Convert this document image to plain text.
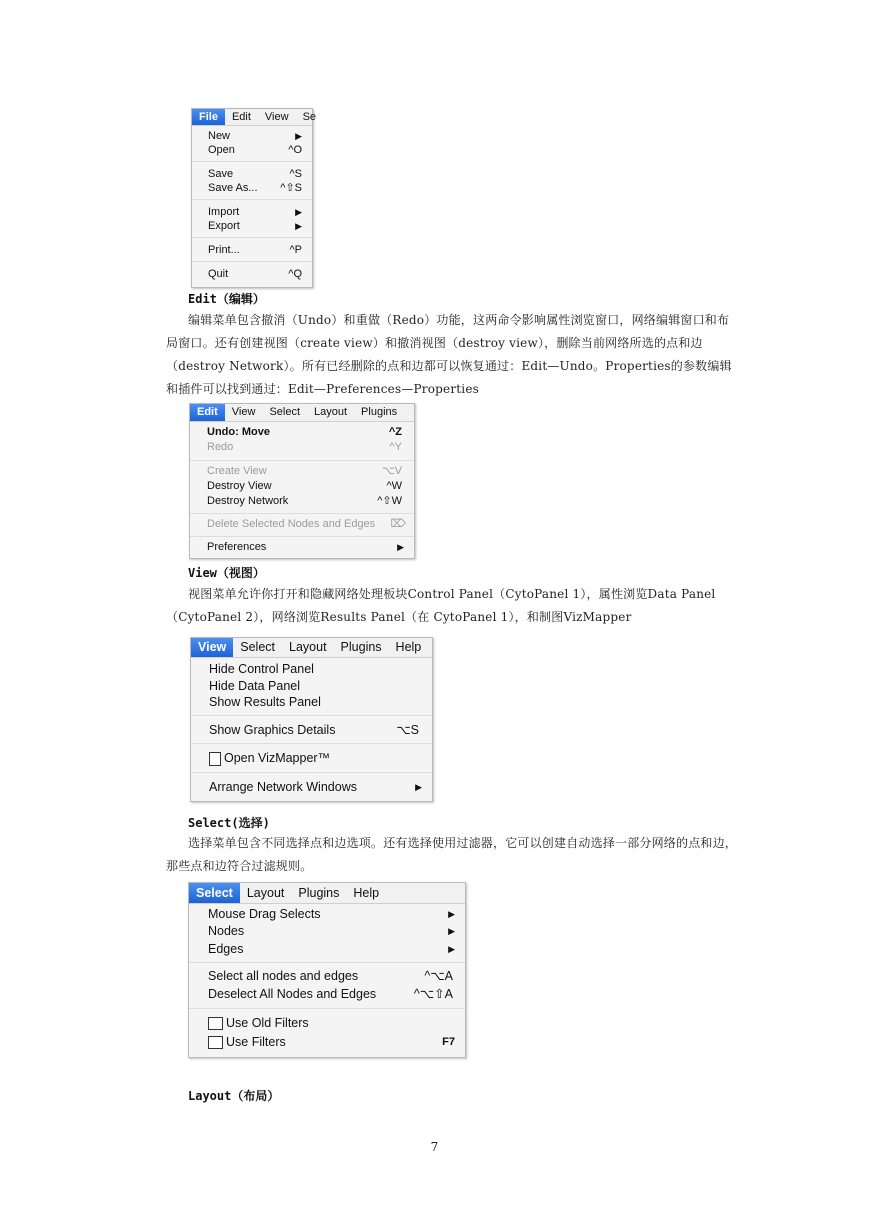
File Edit View Se
New	▶
Open	^O
Save	^S
Save As... ^⇧S
Import	▶
Export	▶
Print...	^P
Quit	^Q
Edit（编辑）
编辑菜单包含撤消（Undo）和重做（Redo）功能，这两命令影响属性浏览窗口，网络编辑窗口和布局窗口。还有创建视图（create view）和撤消视图（destroy view），删除当前网络所选的点和边（destroy Network）。所有已经删除的点和边都可以恢复通过：Edit—Undo。Properties的参数编辑和插件可以找到通过：Edit—Preferences—Properties
Edit View Select Layout Plugins
Undo: Move	^Z
Redo	^Y
Create View	⌥V
Destroy View	^W
Destroy Network	^⇧W
Delete Selected Nodes and Edges ⌦
Preferences	▶
View（视图）
视图菜单允许你打开和隐藏网络处理板块Control Panel（CytoPanel 1），属性浏览Data Panel（CytoPanel 2），网络浏览Results Panel（在 CytoPanel 1），和制图VizMapper
View Select Layout Plugins Help
Hide Control Panel
Hide Data Panel
Show Results Panel
Show Graphics Details	⌥S
Open VizMapper™
Arrange Network Windows	▶
Select(选择)
选择菜单包含不同选择点和边选项。还有选择使用过滤器，它可以创建自动选择一部分网络的点和边，那些点和边符合过滤规则。
Select Layout Plugins Help
Mouse Drag Selects	▶
Nodes	▶
Edges	▶
Select all nodes and edges	^⌥A
Deselect All Nodes and Edges	^⌥⇧A
Use Old Filters
Use Filters	F7
Layout（布局）
7
